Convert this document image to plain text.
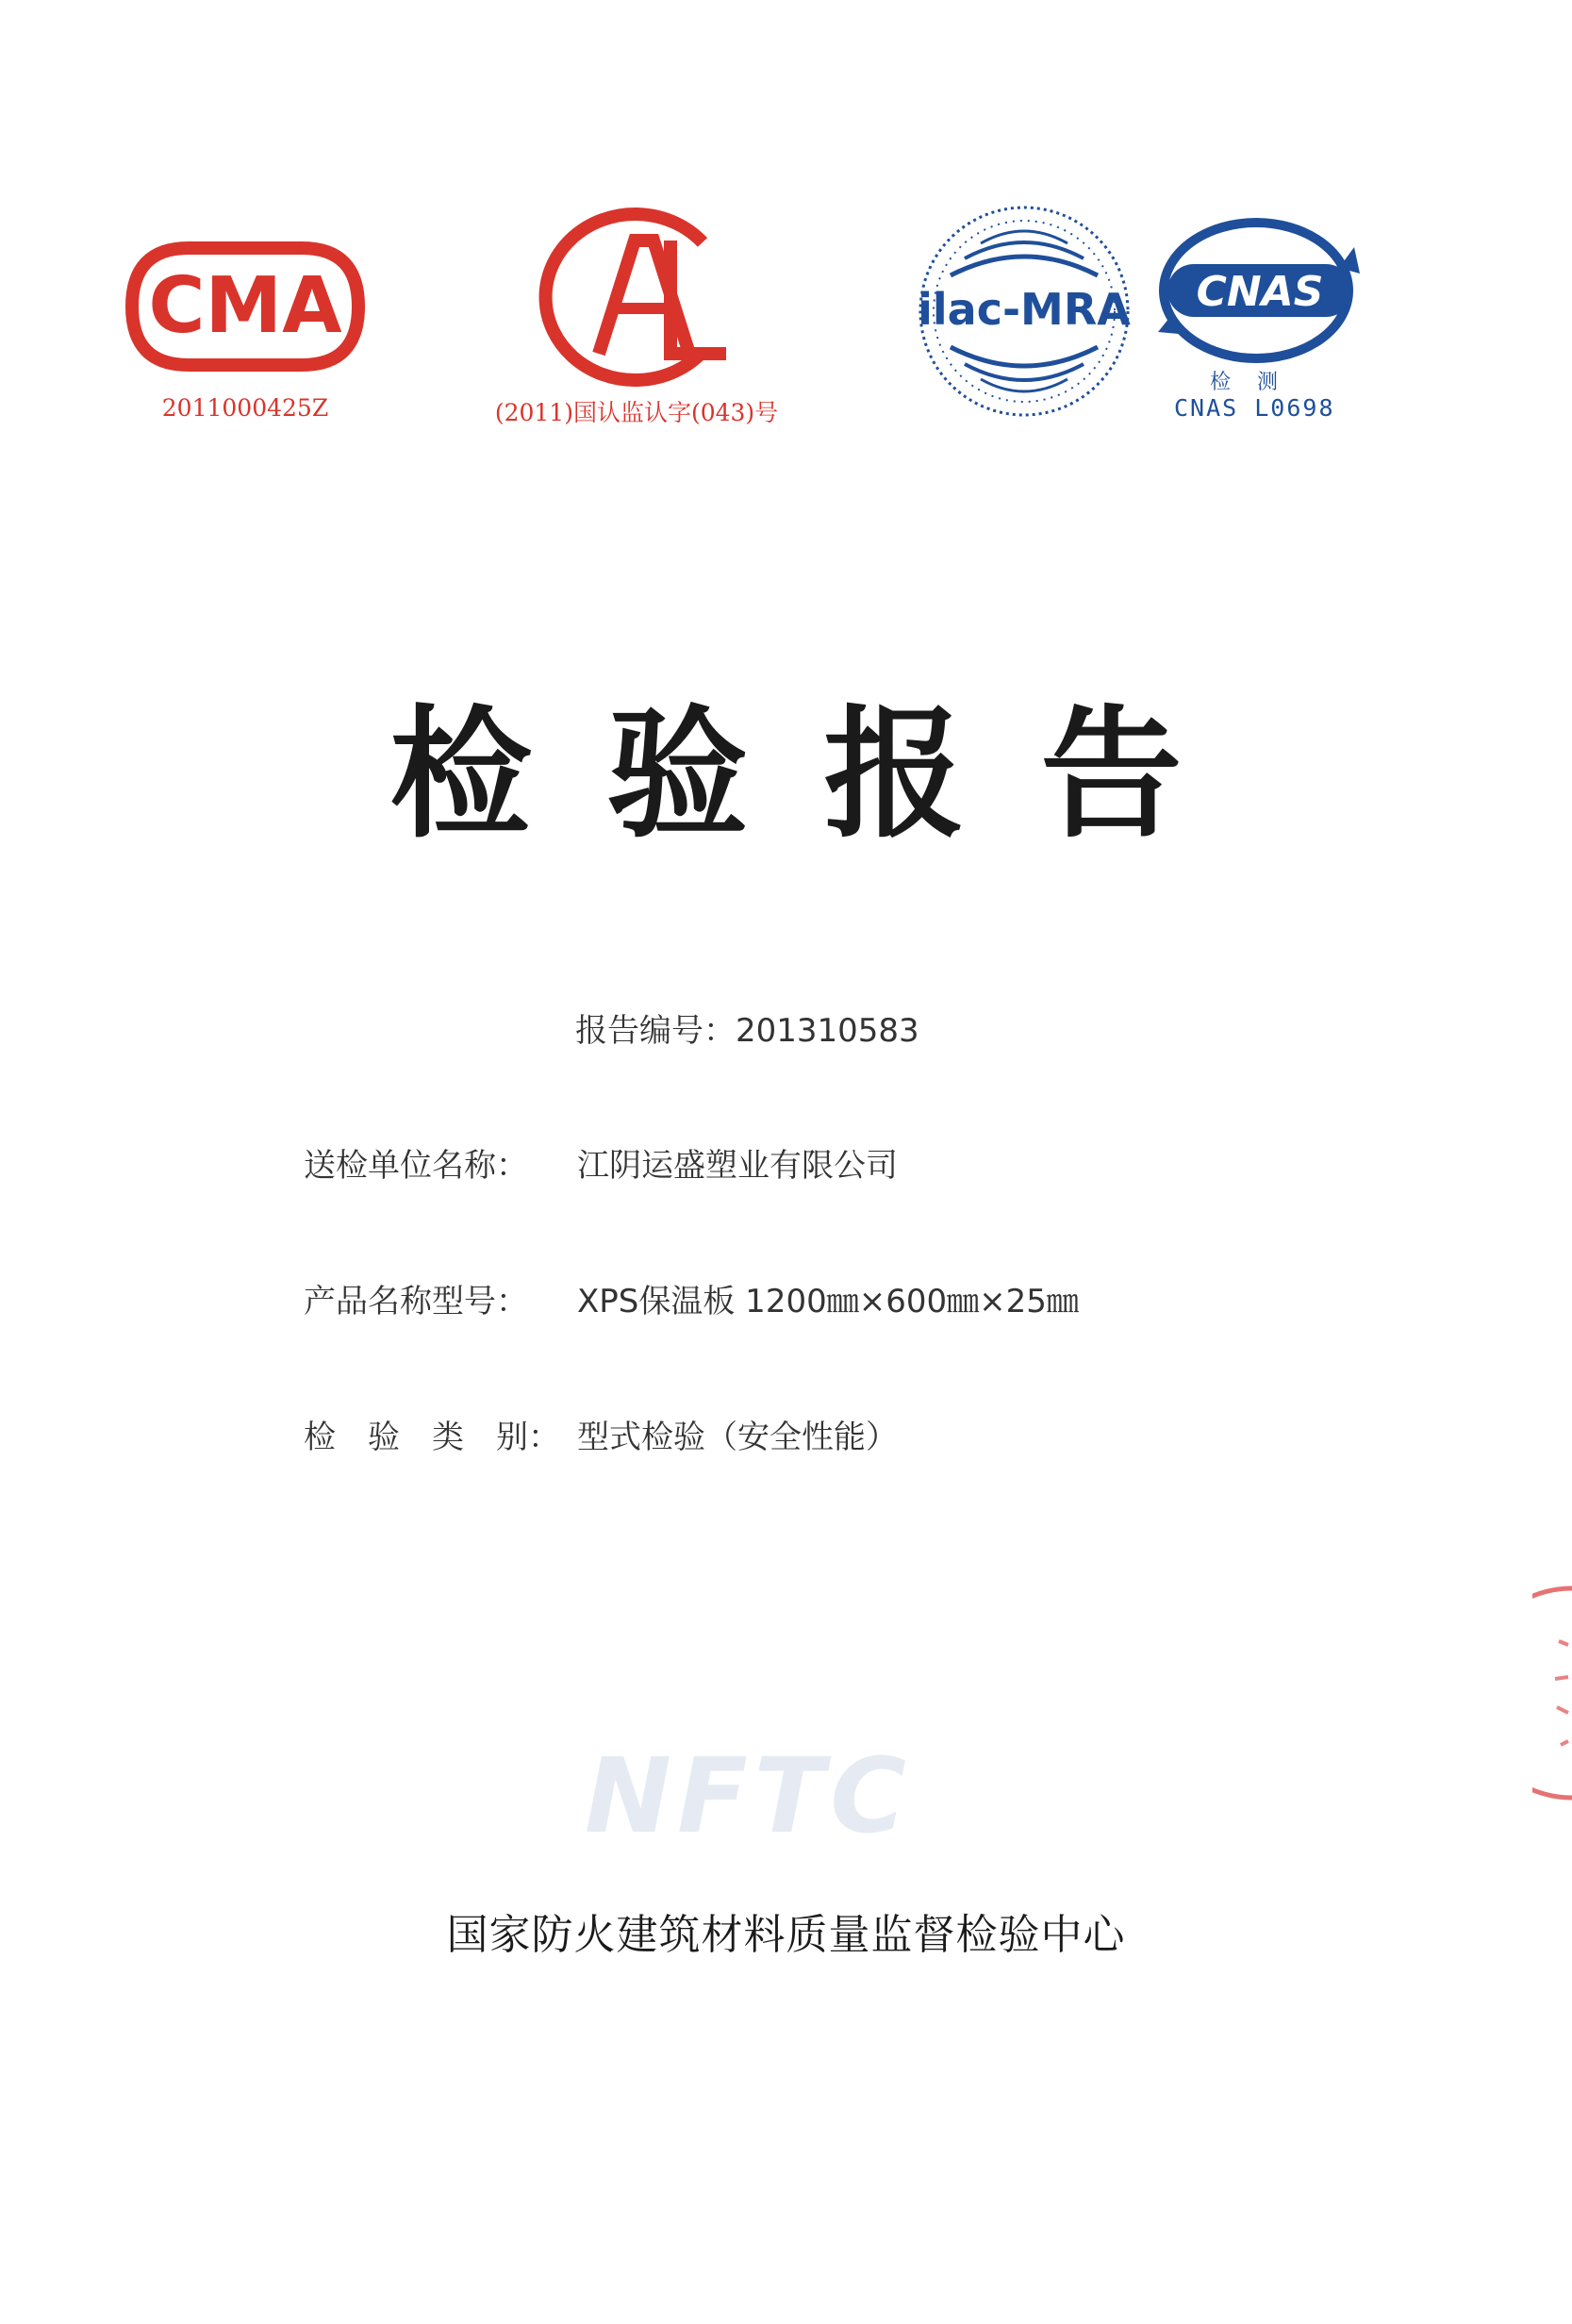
CMA
2011000425Z	(2011)国认监认字(043)号
ilac-MRA CNAS
检测
CNAS L0698
检验报告
报告编号：201310583
送检单位名称： 江阴运盛塑业有限公司
产品名称型号： XPS保温板 1200㎜×600㎜×25㎜
检　验　类　别： 型式检验（安全性能）
NFTC
国家防火建筑材料质量监督检验中心
